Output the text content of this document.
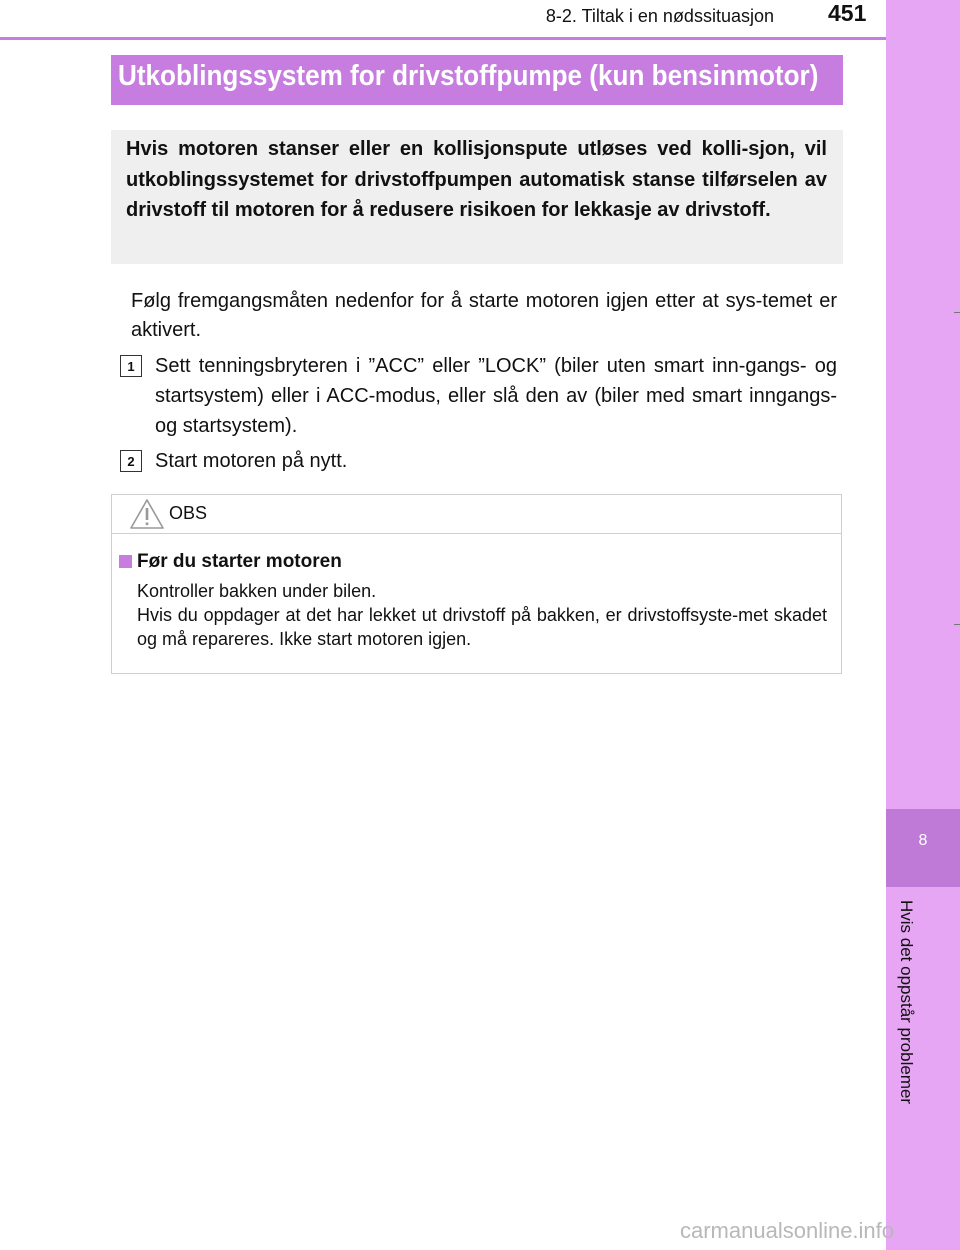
8-2. Tiltak i en nødssituasjon 451
8
Hvis det oppstår problemer
Utkoblingssystem for drivstoffpumpe (kun bensinmotor)
Hvis motoren stanser eller en kollisjonspute utløses ved kolli-sjon, vil utkoblingssystemet for drivstoffpumpen automatisk stanse tilførselen av drivstoff til motoren for å redusere risikoen for lekkasje av drivstoff.
Følg fremgangsmåten nedenfor for å starte motoren igjen etter at sys-temet er aktivert.
1	Sett tenningsbryteren i ”ACC” eller ”LOCK” (biler uten smart inn-gangs- og startsystem) eller i ACC-modus, eller slå den av (biler med smart inngangs- og startsystem).
2	Start motoren på nytt.
OBS
Før du starter motoren
Kontroller bakken under bilen.
Hvis du oppdager at det har lekket ut drivstoff på bakken, er drivstoffsyste-met skadet og må repareres. Ikke start motoren igjen.
carmanualsonline.info
